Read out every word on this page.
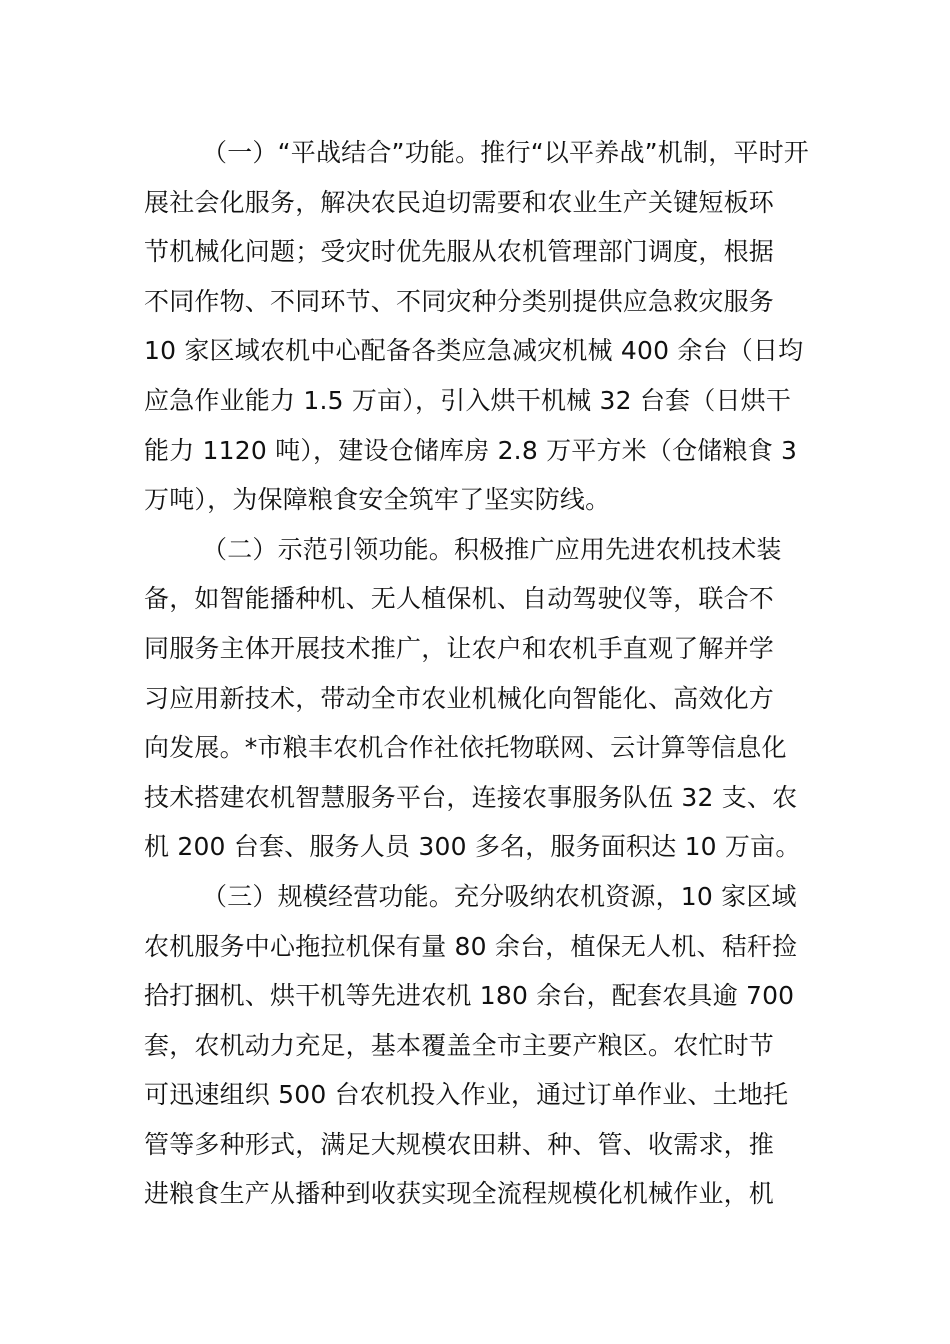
（一）“平战结合”功能。推行“以平养战”机制，平时开
展社会化服务，解决农民迫切需要和农业生产关键短板环
节机械化问题；受灾时优先服从农机管理部门调度，根据
不同作物、不同环节、不同灾种分类别提供应急救灾服务
10 家区域农机中心配备各类应急减灾机械 400 余台（日均
应急作业能力 1.5 万亩），引入烘干机械 32 台套（日烘干
能力 1120 吨），建设仓储库房 2.8 万平方米（仓储粮食 3
万吨），为保障粮食安全筑牢了坚实防线。
（二）示范引领功能。积极推广应用先进农机技术装
备，如智能播种机、无人植保机、自动驾驶仪等，联合不
同服务主体开展技术推广，让农户和农机手直观了解并学
习应用新技术，带动全市农业机械化向智能化、高效化方
向发展。*市粮丰农机合作社依托物联网、云计算等信息化
技术搭建农机智慧服务平台，连接农事服务队伍 32 支、农
机 200 台套、服务人员 300 多名，服务面积达 10 万亩。
（三）规模经营功能。充分吸纳农机资源，10 家区域
农机服务中心拖拉机保有量 80 余台，植保无人机、秸秆捡
拾打捆机、烘干机等先进农机 180 余台，配套农具逾 700
套，农机动力充足，基本覆盖全市主要产粮区。农忙时节
可迅速组织 500 台农机投入作业，通过订单作业、土地托
管等多种形式，满足大规模农田耕、种、管、收需求，推
进粮食生产从播种到收获实现全流程规模化机械作业，机
